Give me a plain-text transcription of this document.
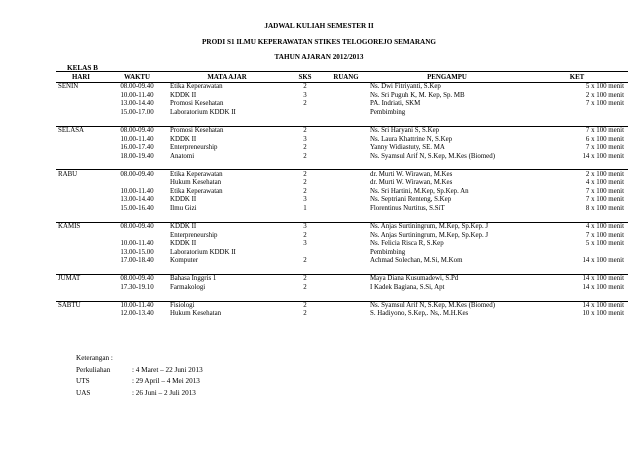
JADWAL KULIAH SEMESTER II
PRODI S1 ILMU KEPERAWATAN STIKES TELOGOREJO SEMARANG
TAHUN AJARAN 2012/2013
KELAS B
HARI	WAKTU	MATA AJAR	SKS	RUANG	PENGAMPU	KET
SENIN	08.00-09.40	Etika Keperawatan	2		Ns. Dwi Fitriyanti, S.Kep	5 x 100 menit
	10.00-11.40	KDDK II	3		Ns. Sri Puguh K, M. Kep, Sp. MB	2 x 100 menit
	13.00-14.40	Promosi Kesehatan	2		PA. Indriati, SKM	7 x 100 menit
	15.00-17.00	Laboratorium KDDK II			Pembimbing	

SELASA	08.00-09.40	Promosi Kesehatan	2		Ns. Sri Haryani S, S.Kep	7 x 100 menit
	10.00-11.40	KDDK II	3		Ns. Laura Khattrine N, S.Kep	6 x 100 menit
	16.00-17.40	Enterpreneurship	2		Yanny Widiastuty, SE. MA	7 x 100 menit
	18.00-19.40	Anatomi	2		Ns. Syamsul Arif N, S.Kep, M.Kes (Biomed)	14 x 100 menit

RABU	08.00-09.40	Etika Keperawatan	2		dr. Murti W. Wirawan, M.Kes	2 x 100 menit
		Hukum Kesehatan	2		dr. Murti W. Wirawan, M.Kes	4 x 100 menit
	10.00-11.40	Etika Keperawatan	2		Ns. Sri Hartini, M.Kep, Sp.Kep. An	7 x 100 menit
	13.00-14.40	KDDK II	3		Ns. Septriani Renteng, S.Kep	7 x 100 menit
	15.00-16.40	Ilmu Gizi	1		Florentinus Nurtitus, S.SiT	8 x 100 menit

KAMIS	08.00-09.40	KDDK II	3		Ns. Anjas Surtiningrum, M.Kep, Sp.Kep. J	4 x 100 menit
		Enterpreneurship	2		Ns. Anjas Surtiningrum, M.Kep, Sp.Kep. J	7 x 100 menit
	10.00-11.40	KDDK II	3		Ns. Felicia Risca R, S.Kep	5 x 100 menit
	13.00-15.00	Laboratorium KDDK II			Pembimbing	
	17.00-18.40	Komputer	2		Achmad Solechan, M.Si, M.Kom	14 x 100 menit

JUMAT	08.00-09.40	Bahasa Inggris 1	2		Maya Diana Kusumadewi, S.Pd	14 x 100 menit
	17.30-19.10	Farmakologi	2		I Kadek Bagiana, S.Si, Apt	14 x 100 menit

SABTU	10.00-11.40	Fisiologi	2		Ns. Syamsul Arif N, S.Kep, M.Kes (Biomed)	14 x 100 menit
	12.00-13.40	Hukum Kesehatan	2		S. Hadiyono, S.Kep,. Ns,. M.H.Kes	10 x 100 menit
Keterangan :
Perkuliahan	: 4 Maret – 22 Juni 2013
UTS	: 29 April – 4 Mei 2013
UAS	: 26 Juni – 2 Juli 2013
